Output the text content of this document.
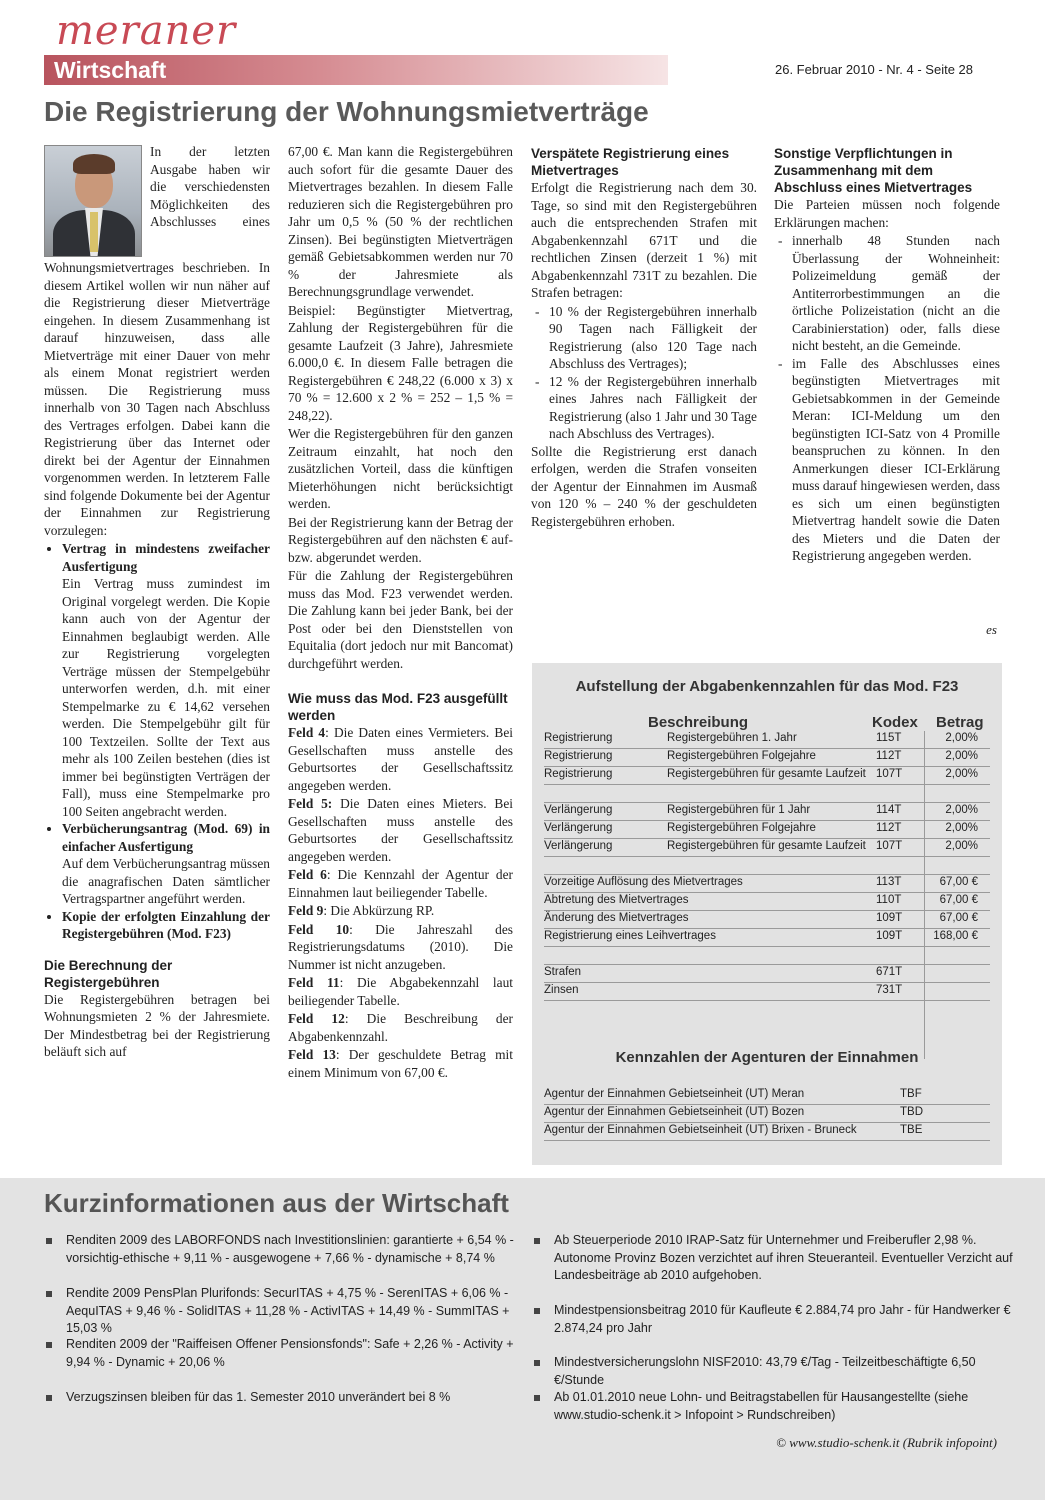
meraner
Wirtschaft	26. Februar 2010 - Nr. 4 - Seite 28
Die Registrierung der Wohnungsmietverträge

In der letzten Ausgabe haben wir die verschiedensten Möglichkeiten des Abschlusses eines Wohnungsmietvertrages beschrieben. In diesem Artikel wollen wir nun näher auf die Registrierung dieser Mietverträge eingehen. In diesem Zusammenhang ist darauf hinzuweisen, dass alle Mietverträge mit einer Dauer von mehr als einem Monat registriert werden müssen. Die Registrierung muss innerhalb von 30 Tagen nach Abschluss des Vertrages erfolgen. Dabei kann die Registrierung über das Internet oder direkt bei der Agentur der Einnahmen vorgenommen werden. In letzterem Falle sind folgende Dokumente bei der Agentur der Einnahmen zur Registrierung vorzulegen:

• Vertrag in mindestens zweifacher Ausfertigung
Ein Vertrag muss zumindest im Original vorgelegt werden. Die Kopie kann auch von der Agentur der Einnahmen beglaubigt werden. Alle zur Registrierung vorgelegten Verträge müssen der Stempelgebühr unterworfen werden, d.h. mit einer Stempelmarke zu € 14,62 versehen werden. Die Stempelgebühr gilt für 100 Textzeilen. Sollte der Text aus mehr als 100 Zeilen bestehen (dies ist immer bei begünstigten Verträgen der Fall), muss eine Stempelmarke pro 100 Seiten angebracht werden.
• Verbücherungsantrag (Mod. 69) in einfacher Ausfertigung
Auf dem Verbücherungsantrag müssen die anagrafischen Daten sämtlicher Vertragspartner angeführt werden.
• Kopie der erfolgten Einzahlung der Registergebühren (Mod. F23)
Die Berechnung der Registergebühren

Die Registergebühren betragen bei Wohnungsmieten 2 % der Jahresmiete. Der Mindestbetrag bei der Registrierung beläuft sich auf

67,00 €. Man kann die Registergebühren auch sofort für die gesamte Dauer des Mietvertrages bezahlen. In diesem Falle reduzieren sich die Registergebühren pro Jahr um 0,5 % (50 % der rechtlichen Zinsen). Bei begünstigten Mietverträgen gemäß Gebietsabkommen werden nur 70 % der Jahresmiete als Berechnungsgrundlage verwendet.

Beispiel: Begünstigter Mietvertrag, Zahlung der Registergebühren für die gesamte Laufzeit (3 Jahre), Jahresmiete 6.000,0 €. In diesem Falle betragen die Registergebühren € 248,22 (6.000 x 3) x 70 % = 12.600 x 2 % = 252 – 1,5 % = 248,22).

Wer die Registergebühren für den ganzen Zeitraum einzahlt, hat noch den zusätzlichen Vorteil, dass die künftigen Mieterhöhungen nicht berücksichtigt werden.

Bei der Registrierung kann der Betrag der Registergebühren auf den nächsten € auf- bzw. abgerundet werden.

Für die Zahlung der Registergebühren muss das Mod. F23 verwendet werden. Die Zahlung kann bei jeder Bank, bei der Post oder bei den Dienststellen von Equitalia (dort jedoch nur mit Bancomat) durchgeführt werden.

Wie muss das Mod. F23 ausgefüllt werden

Feld 4: Die Daten eines Vermieters. Bei Gesellschaften muss anstelle des Geburtsortes der Gesellschaftssitz angegeben werden.

Feld 5: Die Daten eines Mieters. Bei Gesellschaften muss anstelle des Geburtsortes der Gesellschaftssitz angegeben werden.

Feld 6: Die Kennzahl der Agentur der Einnahmen laut beiliegender Tabelle.

Feld 9: Die Abkürzung RP.

Feld 10: Die Jahreszahl des Registrierungsdatums (2010). Die Nummer ist nicht anzugeben.

Feld 11: Die Abgabekennzahl laut beiliegender Tabelle.

Feld 12: Die Beschreibung der Abgabenkennzahl.

Feld 13: Der geschuldete Betrag mit einem Minimum von 67,00 €.

Verspätete Registrierung eines Mietvertrages

Erfolgt die Registrierung nach dem 30. Tage, so sind mit den Registergebühren auch die entsprechenden Strafen mit Abgabenkennzahl 671T und die rechtlichen Zinsen (derzeit 1 %) mit Abgabenkennzahl 731T zu bezahlen. Die Strafen betragen:

- 10 % der Registergebühren innerhalb 90 Tagen nach Fälligkeit der Registrierung (also 120 Tage nach Abschluss des Vertrages);
- 12 % der Registergebühren innerhalb eines Jahres nach Fälligkeit der Registrierung (also 1 Jahr und 30 Tage nach Abschluss des Vertrages).

Sollte die Registrierung erst danach erfolgen, werden die Strafen vonseiten der Agentur der Einnahmen im Ausmaß von 120 % – 240 % der geschuldeten Registergebühren erhoben.

Sonstige Verpflichtungen in Zusammenhang mit dem Abschluss eines Mietvertrages

Die Parteien müssen noch folgende Erklärungen machen:

- innerhalb 48 Stunden nach Überlassung der Wohneinheit: Polizeimeldung gemäß der Antiterrorbestimmungen an die örtliche Polizeistation (nicht an die Carabinierstation) oder, falls diese nicht besteht, an die Gemeinde.
- im Falle des Abschlusses eines begünstigten Mietvertrages mit Gebietsabkommen in der Gemeinde Meran: ICI-Meldung um den begünstigten ICI-Satz von 4 Promille beanspruchen zu können. In den Anmerkungen dieser ICI-Erklärung muss darauf hingewiesen werden, dass es sich um einen begünstigten Mietvertrag handelt sowie die Daten des Mieters und die Daten der Registrierung angegeben werden.
es
Aufstellung der Abgabenkennzahlen für das Mod. F23
Beschreibung	Kodex Betrag
Registrierung	Registergebühren 1. Jahr	115T	2,00%
Registrierung	Registergebühren Folgejahre	112T	2,00%
Registrierung	Registergebühren für gesamte Laufzeit 107T	2,00%
Verlängerung	Registergebühren für 1 Jahr	114T	2,00%
Verlängerung	Registergebühren Folgejahre	112T	2,00%
Verlängerung	Registergebühren für gesamte Laufzeit 107T	2,00%
Vorzeitige Auflösung des Mietvertrages	113T	67,00 €
Abtretung des Mietvertrages	110T	67,00 €
Änderung des Mietvertrages	109T	67,00 €
Registrierung eines Leihvertrages	109T	168,00 €
Strafen	671T
Zinsen	731T
Kennzahlen der Agenturen der Einnahmen
Agentur der Einnahmen Gebietseinheit (UT) Meran	TBF
Agentur der Einnahmen Gebietseinheit (UT) Bozen	TBD
Agentur der Einnahmen Gebietseinheit (UT) Brixen - Bruneck	TBE
Kurzinformationen aus der Wirtschaft
Renditen 2009 des LABORFONDS nach Investitionslinien: garantierte + 6,54 % - vorsichtig-ethische + 9,11 % - ausgewogene + 7,66 % - dynamische + 8,74 %
Rendite 2009 PensPlan Plurifonds: SecurITAS + 4,75 % - SerenITAS + 6,06 % - AequITAS + 9,46 % - SolidITAS + 11,28 % - ActivITAS + 14,49 % - SummITAS + 15,03 %
Renditen 2009 der "Raiffeisen Offener Pensionsfonds": Safe + 2,26 % - Activity + 9,94 % - Dynamic + 20,06 %
Verzugszinsen bleiben für das 1. Semester 2010 unverändert bei 8 %
Ab Steuerperiode 2010 IRAP-Satz für Unternehmer und Freiberufler 2,98 %. Autonome Provinz Bozen verzichtet auf ihren Steueranteil. Eventueller Verzicht auf Landesbeiträge ab 2010 aufgehoben.
Mindestpensionsbeitrag 2010 für Kaufleute € 2.884,74 pro Jahr - für Handwerker € 2.874,24 pro Jahr
Mindestversicherungslohn NISF2010: 43,79 €/Tag - Teilzeitbeschäftigte 6,50 €/Stunde
Ab 01.01.2010 neue Lohn- und Beitragstabellen für Hausangestellte (siehe www.studio-schenk.it > Infopoint > Rundschreiben)
© www.studio-schenk.it (Rubrik infopoint)
